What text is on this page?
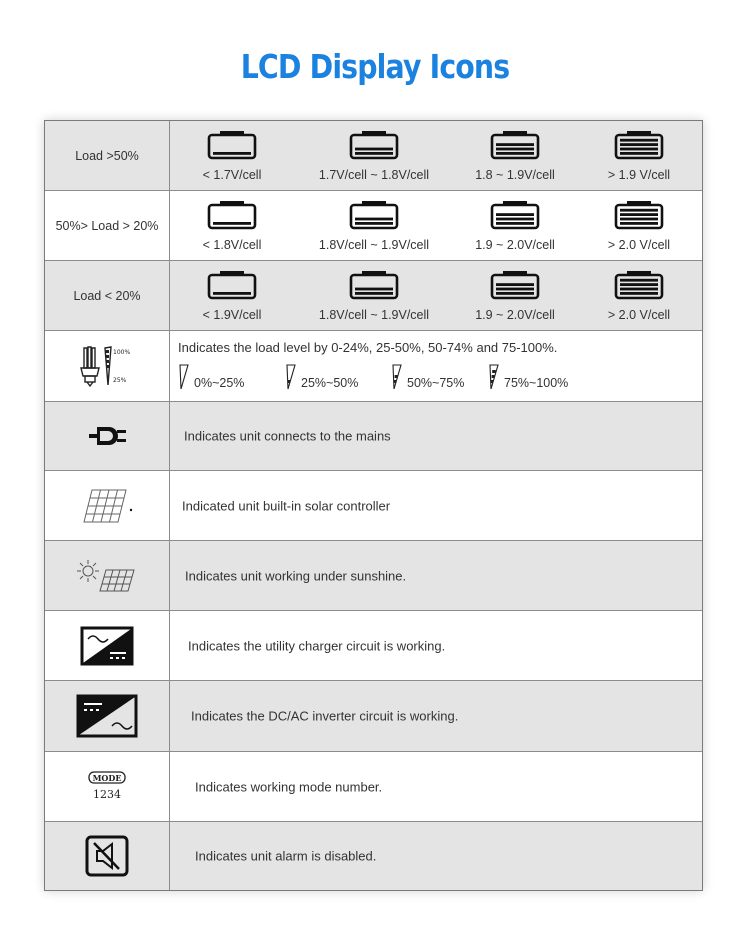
LCD Display Icons
Load >50%
< 1.7V/cell	1.7V/cell ~ 1.8V/cell	1.8 ~ 1.9V/cell	> 1.9 V/cell
50%> Load > 20%
< 1.8V/cell	1.8V/cell ~ 1.9V/cell	1.9 ~ 2.0V/cell	> 2.0 V/cell
Load < 20%
< 1.9V/cell	1.8V/cell ~ 1.9V/cell	1.9 ~ 2.0V/cell	> 2.0 V/cell
100%
25%
Indicates the load level by 0-24%, 25-50%, 50-74% and 75-100%.
0%~25%	25%~50%	50%~75%	75%~100%
Indicates unit connects to the mains
Indicated unit built-in solar controller
Indicates unit working under sunshine.
Indicates the utility charger circuit is working.
Indicates the DC/AC inverter circuit is working.
MODE
1234	Indicates working mode number.
Indicates unit alarm is disabled.
